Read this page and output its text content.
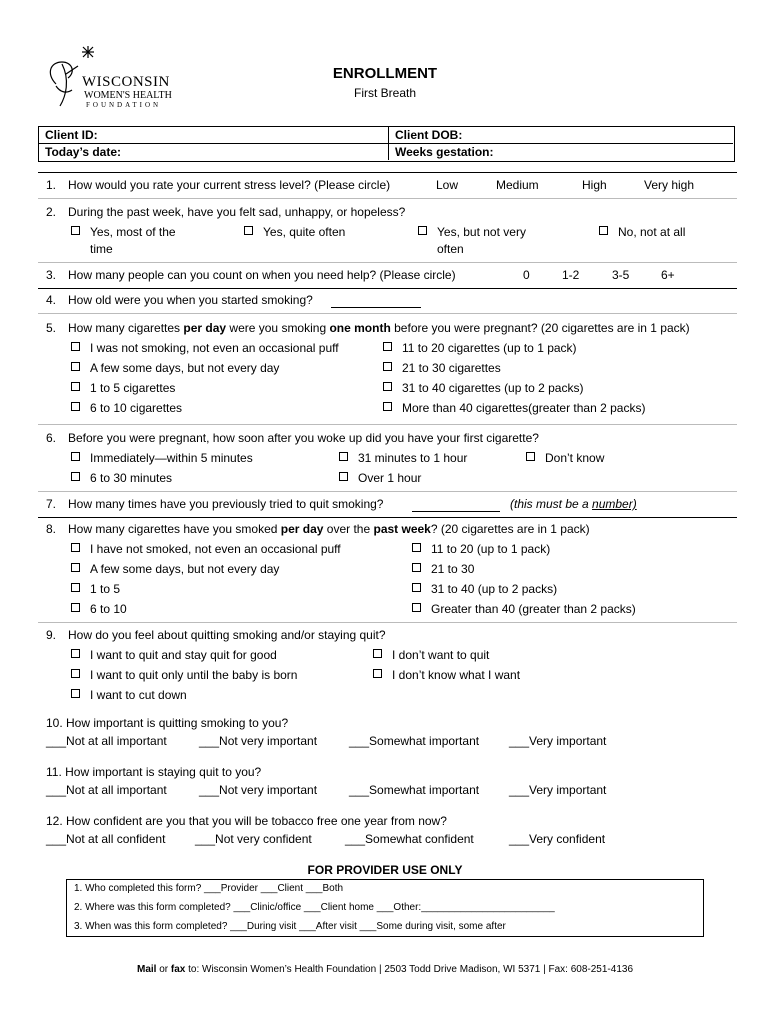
WISCONSIN
WOMEN'S HEALTH
FOUNDATION
ENROLLMENT
First Breath
Client ID:	Client DOB:
Today’s date:	Weeks gestation:
1. How would you rate your current stress level? (Please circle)	Low	Medium	High	Very high
2. During the past week, have you felt sad, unhappy, or hopeless?
Yes, most of the
time
Yes, quite often	Yes, but not very
often
No, not at all
3. How many people can you count on when you need help? (Please circle)	0	1-2	3-5	6+
4. How old were you when you started smoking?
5. How many cigarettes per day were you smoking one month before you were pregnant? (20 cigarettes are in 1 pack)
I was not smoking, not even an occasional puff
A few some days, but not every day
1 to 5 cigarettes
6 to 10 cigarettes
11 to 20 cigarettes (up to 1 pack)
21 to 30 cigarettes
31 to 40 cigarettes (up to 2 packs)
More than 40 cigarettes(greater than 2 packs)
6. Before you were pregnant, how soon after you woke up did you have your first cigarette?
Immediately—within 5 minutes	31 minutes to 1 hour	Don’t know
6 to 30 minutes	Over 1 hour
7. How many times have you previously tried to quit smoking?	(this must be a number)
8. How many cigarettes have you smoked per day over the past week? (20 cigarettes are in 1 pack)
I have not smoked, not even an occasional puff
A few some days, but not every day
1 to 5
6 to 10
11 to 20 (up to 1 pack)
21 to 30
31 to 40 (up to 2 packs)
Greater than 40 (greater than 2 packs)
9. How do you feel about quitting smoking and/or staying quit?
I want to quit and stay quit for good	I don’t want to quit
I want to quit only until the baby is born	I don’t know what I want
I want to cut down
10. How important is quitting smoking to you?
___Not at all important	___Not very important	___Somewhat important ___Very important
11. How important is staying quit to you?
___Not at all important	___Not very important	___Somewhat important ___Very important
12. How confident are you that you will be tobacco free one year from now?
___Not at all confident ___Not very confident	___Somewhat confident	___Very confident
FOR PROVIDER USE ONLY
1. Who completed this form? ___Provider ___Client ___Both
2. Where was this form completed? ___Clinic/office ___Client home ___Other:________________________
3. When was this form completed? ___During visit ___After visit ___Some during visit, some after
Mail or fax to: Wisconsin Women’s Health Foundation | 2503 Todd Drive Madison, WI 5371 | Fax: 608-251-4136
